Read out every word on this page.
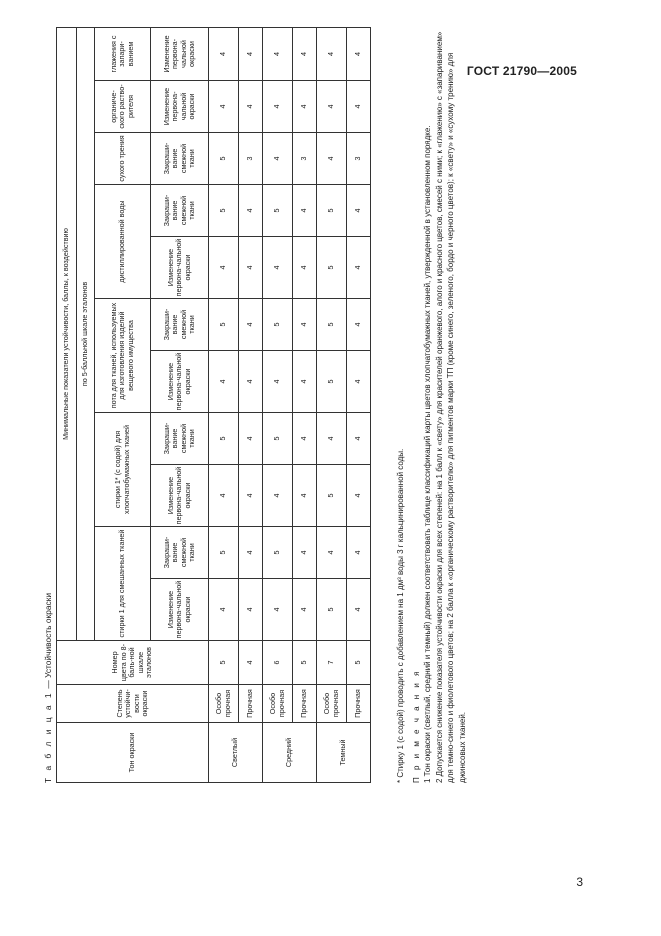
ГОСТ 21790—2005
Т а б л и ц а 1 — Устойчивость окраски
Тон окраски	Степень устойчи-вости окраски	Номер цвета по 8-баль-ной шкале эталонов	Минимальные показатели устойчивости, баллы, к воздействию										
			по 5-балльной шкале эталонов										
			стирки 1 для смешанных тканей		стирки 1* (с содой) для хлопчатобумажных тканей		пота для тканей, используемых для изготовления изделий вещевого имущества		дистиллированной воды		сухого трения	органиче-ского раство-рителя	глажения с запари-ванием
			Изменение первона-чальной окраски	Закраши-вание смежной ткани	Изменение первона-чальной окраски	Закраши-вание смежной ткани	Изменение первона-чальной окраски	Закраши-вание смежной ткани	Изменение первона-чальной окраски	Закраши-вание смежной ткани	Закраши-вание смежной ткани	Изменение первона-чальной окраски	Изменение первона-чальной окраски
Светлый	Особо прочная	5	4	5	4	5	4	5	4	5	5	4	4
	Прочная	4	4	4	4	4	4	4	4	4	3	4	4
Средний	Особо прочная	6	4	5	4	5	4	5	4	5	4	4	4
	Прочная	5	4	4	4	4	4	4	4	4	3	4	4
Темный	Особо прочная	7	5	4	5	4	5	5	5	5	4	4	4
	Прочная	5	4	4	4	4	4	4	4	4	3	4	4

* Стирку 1 (с содой) проводить с добавлением на 1 дм³ воды 3 г кальцинированной соды. П р и м е ч а н и я 1 Тон окраски (светлый, средний и темный) должен соответствовать таблице классификаций карты цветов хлопчатобумажных тканей, утвержденной в установленном порядке. 2 Допускается снижение показателя устойчивости окраски для всех степеней: на 1 балл к «свету» для красителей оранжевого, алого и красного цветов, смесей с ними; к «глажению» с «запариванием» для темно-синего и фиолетового цветов; на 2 балла к «органическому растворителю» для пигментов марки ТП (кроме синего, зеленого, бордо и черного цветов); к «свету» и «сухому трению» для джинсовых тканей.

3
